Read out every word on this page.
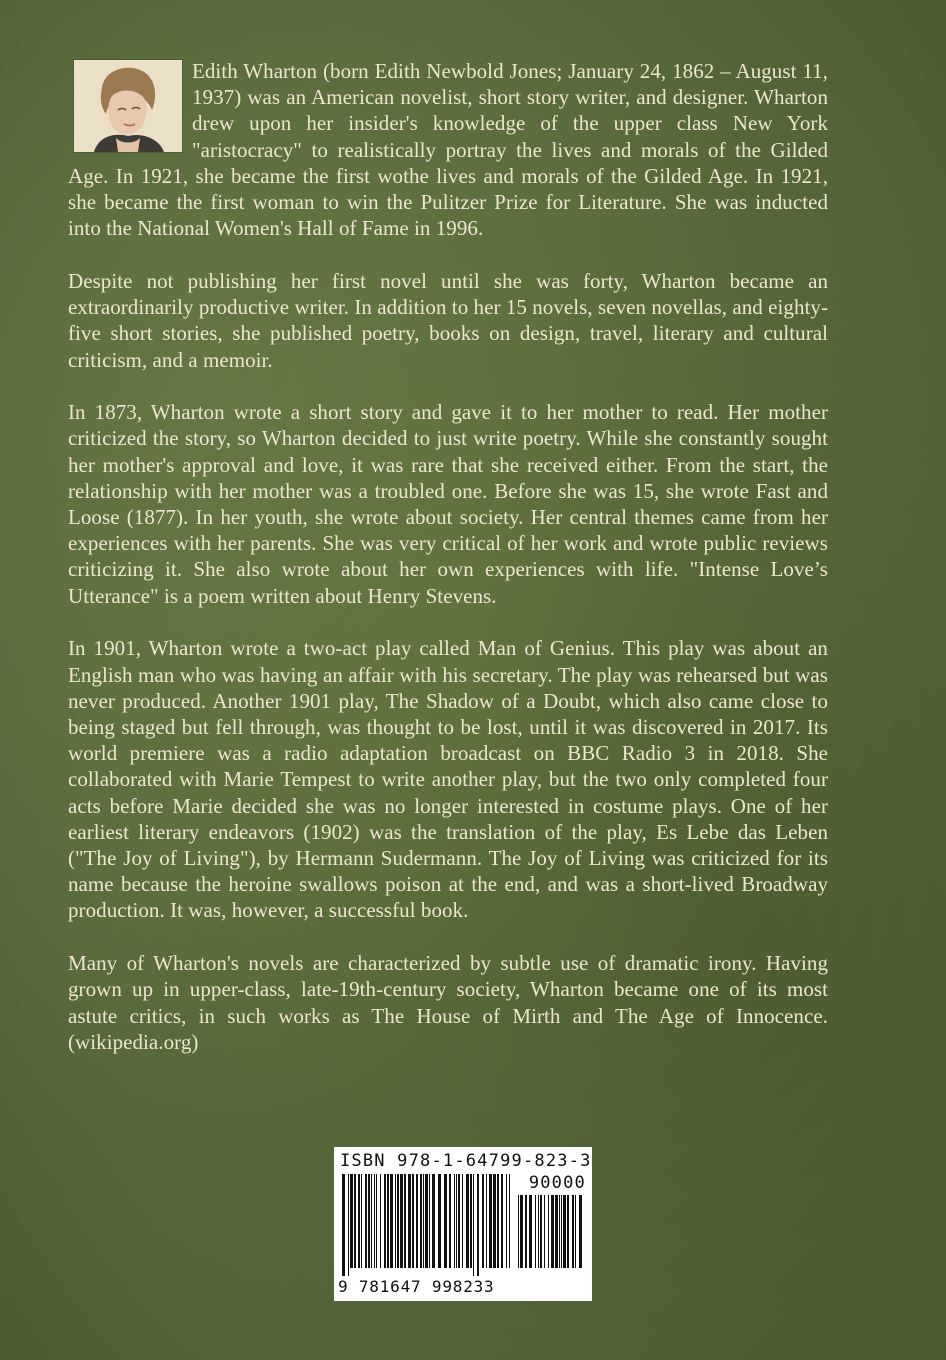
Edith Wharton (born Edith Newbold Jones; January 24, 1862 – August 11, 1937) was an American novelist, short story writer, and designer. Wharton drew upon her insider's knowledge of the upper class New York "aristocracy" to realistically portray the lives and morals of the Gilded Age. In 1921, she became the first wothe lives and morals of the Gilded Age. In 1921, she became the first woman to win the Pulitzer Prize for Literature. She was inducted into the National Women's Hall of Fame in 1996.

Despite not publishing her first novel until she was forty, Wharton became an extraordinarily productive writer. In addition to her 15 novels, seven novellas, and eighty-five short stories, she published poetry, books on design, travel, literary and cultural criticism, and a memoir.

In 1873, Wharton wrote a short story and gave it to her mother to read. Her mother criticized the story, so Wharton decided to just write poetry. While she constantly sought her mother's approval and love, it was rare that she received either. From the start, the relationship with her mother was a troubled one. Before she was 15, she wrote Fast and Loose (1877). In her youth, she wrote about society. Her central themes came from her experiences with her parents. She was very critical of her work and wrote public reviews criticizing it. She also wrote about her own experiences with life. "Intense Love’s Utterance" is a poem written about Henry Stevens.

In 1901, Wharton wrote a two-act play called Man of Genius. This play was about an English man who was having an affair with his secretary. The play was rehearsed but was never produced. Another 1901 play, The Shadow of a Doubt, which also came close to being staged but fell through, was thought to be lost, until it was discovered in 2017. Its world premiere was a radio adaptation broadcast on BBC Radio 3 in 2018. She collaborated with Marie Tempest to write another play, but the two only completed four acts before Marie decided she was no longer interested in costume plays. One of her earliest literary endeavors (1902) was the translation of the play, Es Lebe das Leben ("The Joy of Living"), by Hermann Sudermann. The Joy of Living was criticized for its name because the heroine swallows poison at the end, and was a short-lived Broadway production. It was, however, a successful book.

Many of Wharton's novels are characterized by subtle use of dramatic irony. Having grown up in upper-class, late-19th-century society, Wharton became one of its most astute critics, in such works as The House of Mirth and The Age of Innocence. (wikipedia.org)

ISBN 978-1-64799-823-3
90000
9 781647 998233
